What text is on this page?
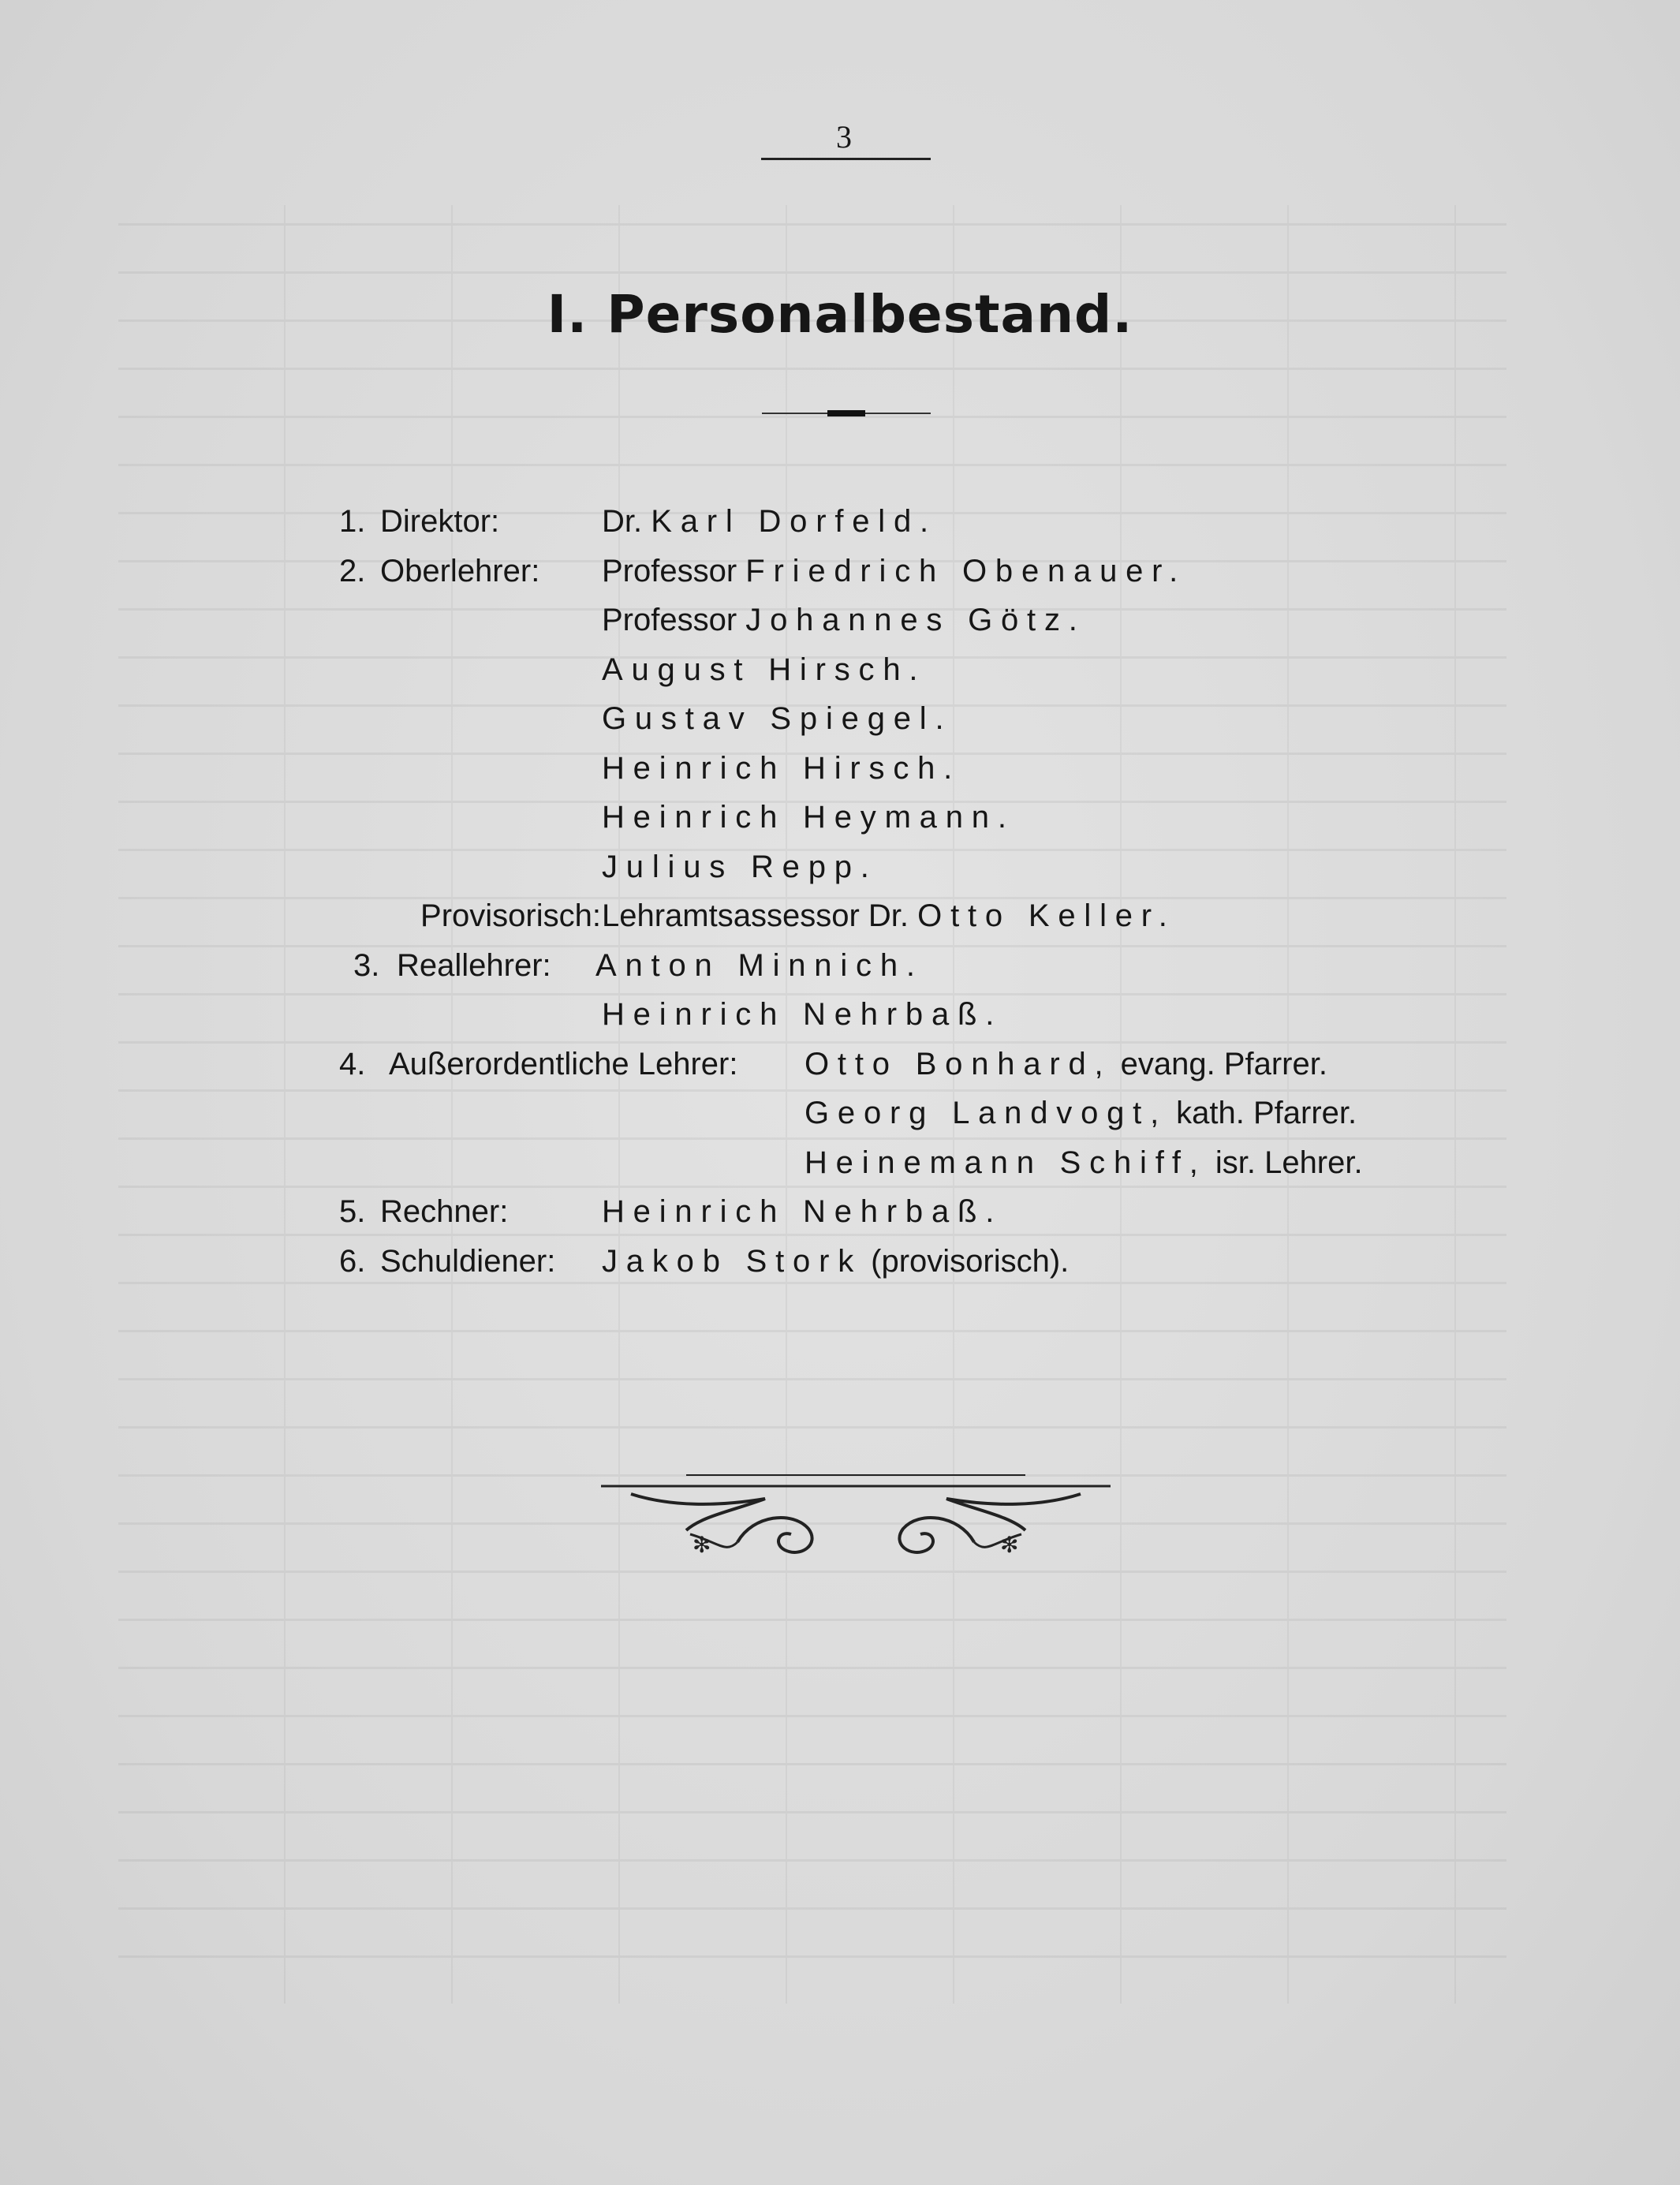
3
I. Personalbestand.
1. Direktor:	Dr. Karl Dorfeld.
2. Oberlehrer: Professor Friedrich Obenauer.
Professor Johannes Götz.
August Hirsch.
Gustav Spiegel.
Heinrich Hirsch.
Heinrich Heymann.
Julius Repp.
Provisorisch: Lehramtsassessor Dr. Otto Keller.
3. Reallehrer: Anton Minnich.
Heinrich Nehrbaß.
4. Außerordentliche Lehrer: Otto Bonhard, evang. Pfarrer.
Georg Landvogt, kath. Pfarrer.
Heinemann Schiff, isr. Lehrer.
5. Rechner:	Heinrich Nehrbaß.
6. Schuldiener: Jakob Stork (provisorisch).
✻	✻
